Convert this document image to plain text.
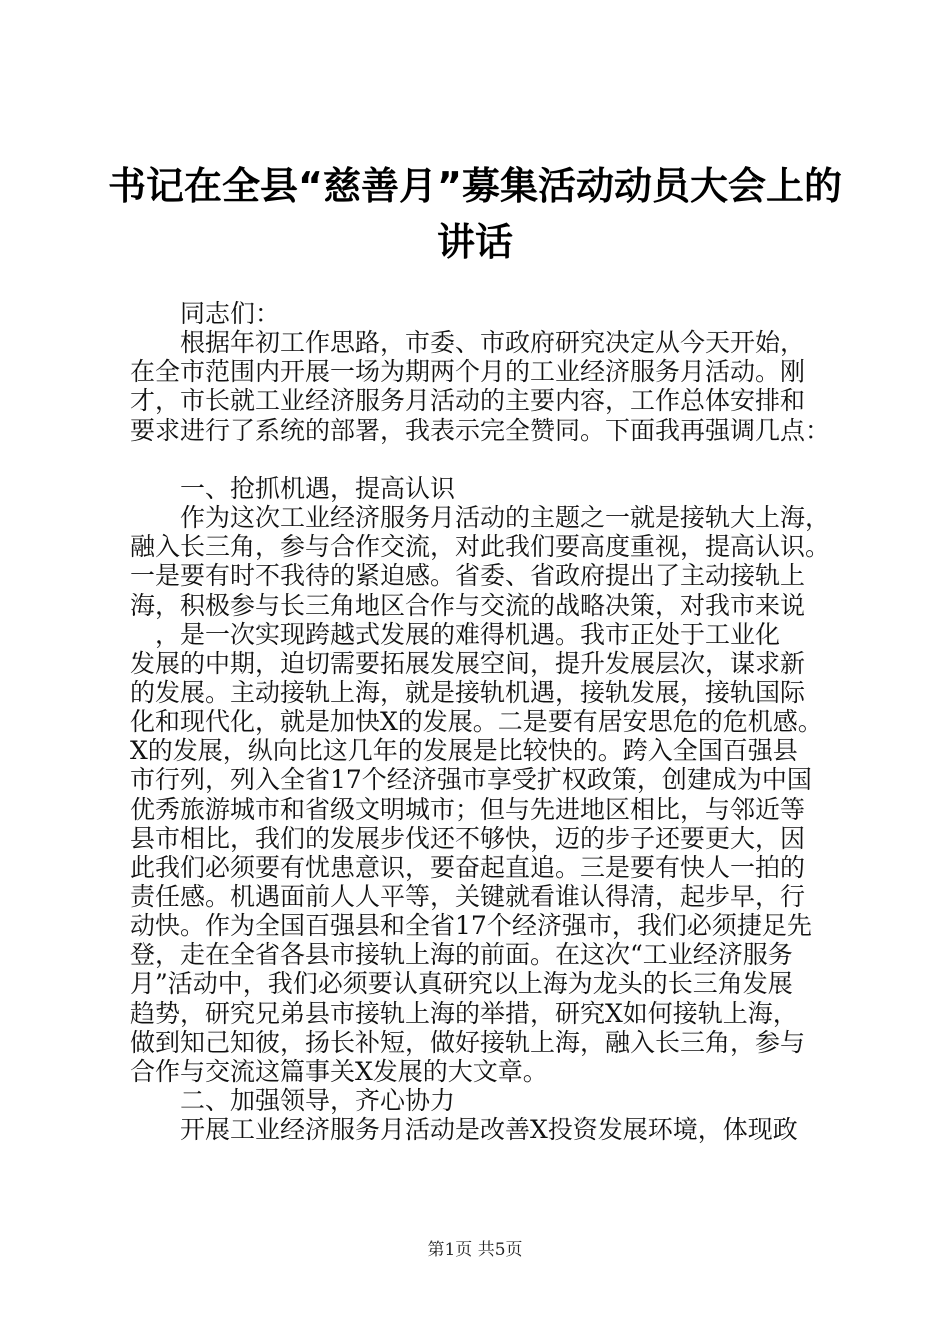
书记在全县“慈善月”募集活动动员大会上的
讲话
　　同志们：
　　根据年初工作思路，市委、市政府研究决定从今天开始，
在全市范围内开展一场为期两个月的工业经济服务月活动。刚
才，市长就工业经济服务月活动的主要内容，工作总体安排和
要求进行了系统的部署，我表示完全赞同。下面我再强调几点：
　　一、抢抓机遇，提高认识
　　作为这次工业经济服务月活动的主题之一就是接轨大上海，
融入长三角，参与合作交流，对此我们要高度重视，提高认识。
一是要有时不我待的紧迫感。省委、省政府提出了主动接轨上
海，积极参与长三角地区合作与交流的战略决策，对我市来说
　，是一次实现跨越式发展的难得机遇。我市正处于工业化
发展的中期，迫切需要拓展发展空间，提升发展层次，谋求新
的发展。主动接轨上海，就是接轨机遇，接轨发展，接轨国际
化和现代化，就是加快X的发展。二是要有居安思危的危机感。
X的发展，纵向比这几年的发展是比较快的。跨入全国百强县
市行列，列入全省17个经济强市享受扩权政策，创建成为中国
优秀旅游城市和省级文明城市；但与先进地区相比，与邻近等
县市相比，我们的发展步伐还不够快，迈的步子还要更大，因
此我们必须要有忧患意识，要奋起直追。三是要有快人一拍的
责任感。机遇面前人人平等，关键就看谁认得清，起步早，行
动快。作为全国百强县和全省17个经济强市，我们必须捷足先
登，走在全省各县市接轨上海的前面。在这次“工业经济服务
月”活动中，我们必须要认真研究以上海为龙头的长三角发展
趋势，研究兄弟县市接轨上海的举措，研究X如何接轨上海，
做到知己知彼，扬长补短，做好接轨上海，融入长三角，参与
合作与交流这篇事关X发展的大文章。
　　二、加强领导，齐心协力
　　开展工业经济服务月活动是改善X投资发展环境，体现政
第1页 共5页
